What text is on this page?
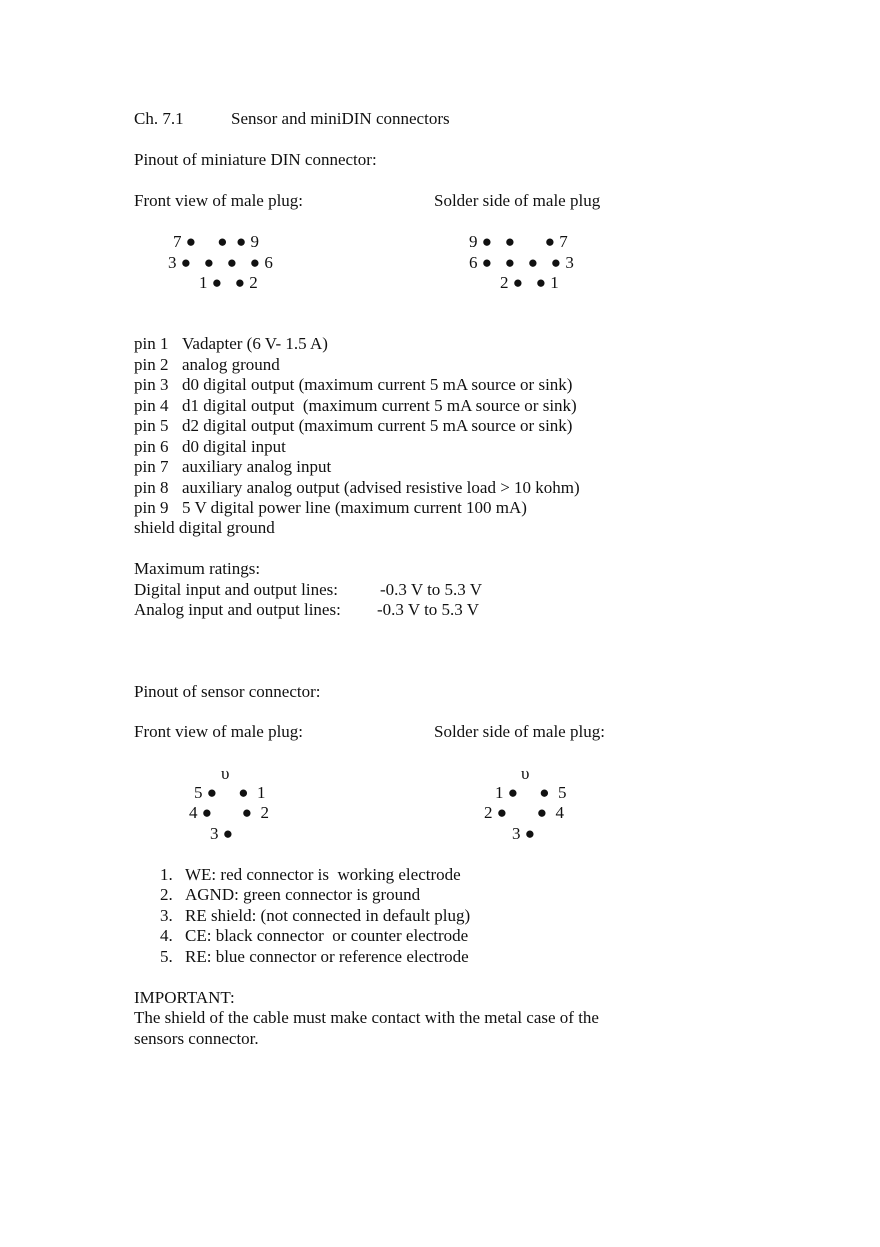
Ch. 7.1	Sensor and miniDIN connectors
Pinout of miniature DIN connector:
Front view of male plug:	Solder side of male plug
7 ●     ●  ● 9
3 ●   ●   ●   ● 6
1 ●   ● 2
9 ●   ●       ● 7
6 ●   ●   ●   ● 3
2 ●   ● 1
pin 1 Vadapter (6 V- 1.5 A)
pin 2 analog ground
pin 3 d0 digital output (maximum current 5 mA source or sink)
pin 4 d1 digital output  (maximum current 5 mA source or sink)
pin 5 d2 digital output (maximum current 5 mA source or sink)
pin 6 d0 digital input
pin 7 auxiliary analog input
pin 8 auxiliary analog output (advised resistive load > 10 kohm)
pin 9 5 V digital power line (maximum current 100 mA)
shield digital ground
Maximum ratings:
Digital input and output lines: -0.3 V to 5.3 V
Analog input and output lines: -0.3 V to 5.3 V
Pinout of sensor connector:
Front view of male plug:	Solder side of male plug:
υ
5 ●     ●  1
4 ●       ●  2
3 ●
υ
1 ●     ●  5
2 ●       ●  4
3 ●
1. WE: red connector is  working electrode
2. AGND: green connector is ground
3. RE shield: (not connected in default plug)
4. CE: black connector  or counter electrode
5. RE: blue connector or reference electrode
IMPORTANT:
The shield of the cable must make contact with the metal case of the
sensors connector.
